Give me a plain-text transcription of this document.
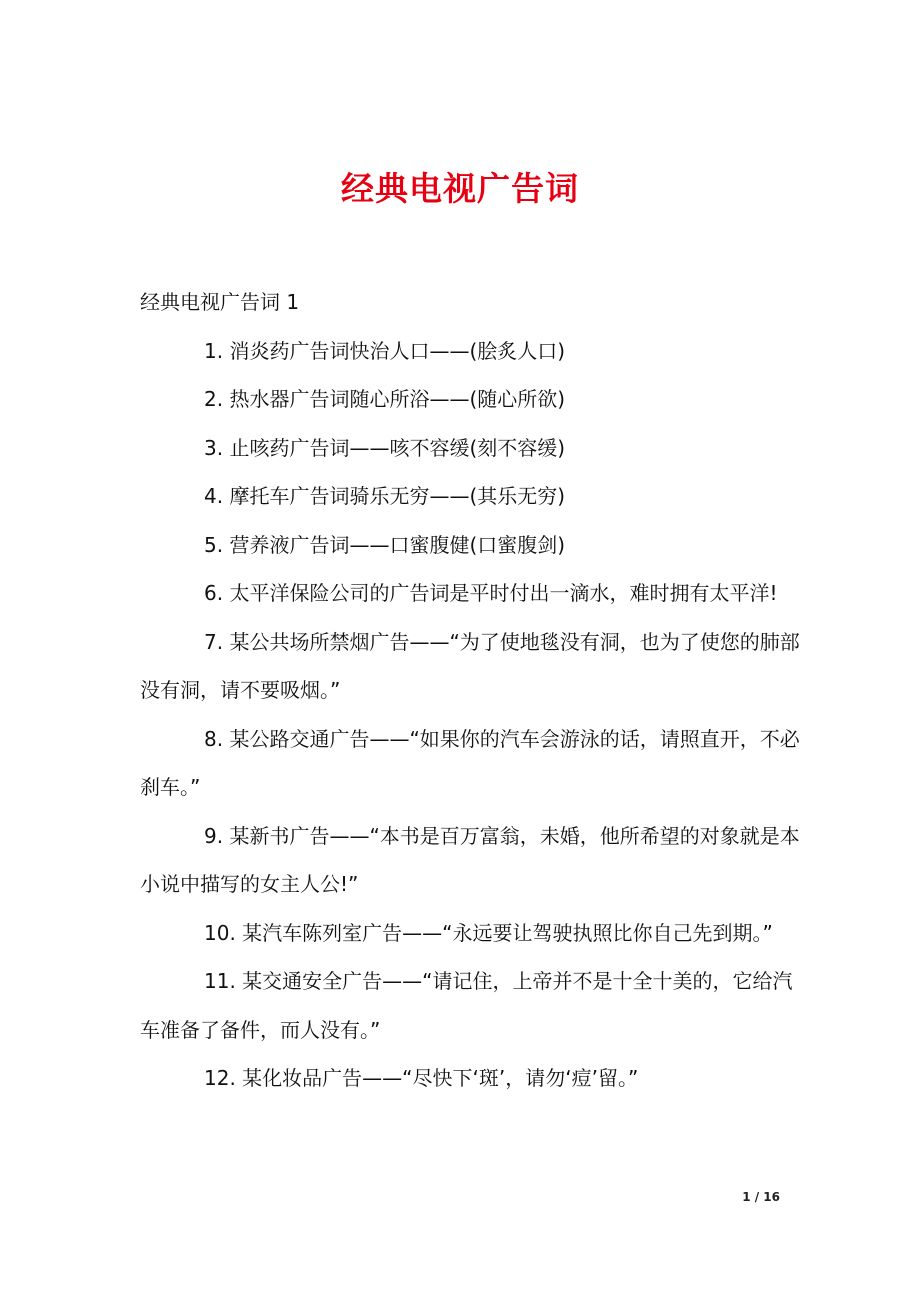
经典电视广告词

经典电视广告词 1

1. 消炎药广告词快治人口——(脍炙人口)

2. 热水器广告词随心所浴——(随心所欲)

3. 止咳药广告词——咳不容缓(刻不容缓)

4. 摩托车广告词骑乐无穷——(其乐无穷)

5. 营养液广告词——口蜜腹健(口蜜腹剑)

6. 太平洋保险公司的广告词是平时付出一滴水，难时拥有太平洋!

7. 某公共场所禁烟广告——“为了使地毯没有洞，也为了使您的肺部没有洞，请不要吸烟。”

8. 某公路交通广告——“如果你的汽车会游泳的话，请照直开，不必刹车。”

9. 某新书广告——“本书是百万富翁，未婚，他所希望的对象就是本小说中描写的女主人公!”

10. 某汽车陈列室广告——“永远要让驾驶执照比你自己先到期。”

11. 某交通安全广告——“请记住，上帝并不是十全十美的，它给汽车准备了备件，而人没有。”

12. 某化妆品广告——“尽快下‘斑’，请勿‘痘’留。”

1 / 16
